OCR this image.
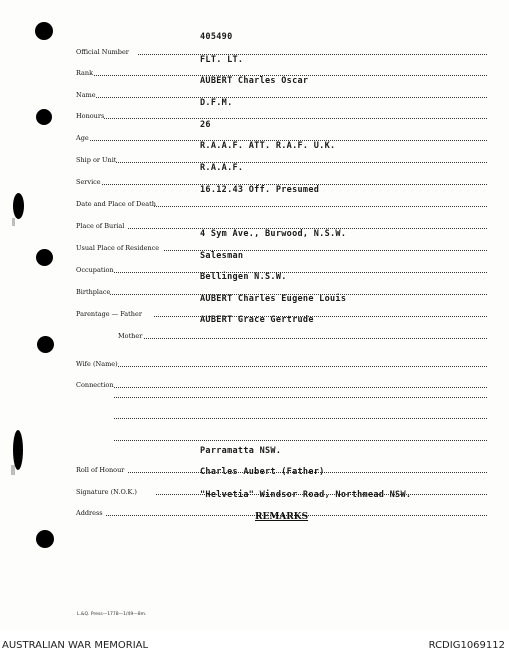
Official Number
405490
Rank
FLT. LT.
Name
AUBERT Charles Oscar
Honours
D.F.M.
Age
26
Ship or Unit
R.A.A.F. ATT. R.A.F. U.K.
Service
R.A.A.F.
Date and Place of Death
16.12.43 Off. Presumed
Place of Burial
Usual Place of Residence
4 Sym Ave., Burwood, N.S.W.
Occupation
Salesman
Birthplace
Bellingen N.S.W.
Parentage — Father
AUBERT Charles Eugene Louis
Mother
AUBERT Grace Gertrude
Wife (Name)
Connection
Roll of Honour
Parramatta NSW.
Signature (N.O.K.)
Charles Aubert (Father)
Address
"Helvetia" Windsor Road, Northmead NSW.
REMARKS
L.&Q. Press—1778—1/49—8m.
AUSTRALIAN WAR MEMORIAL	RCDIG1069112
